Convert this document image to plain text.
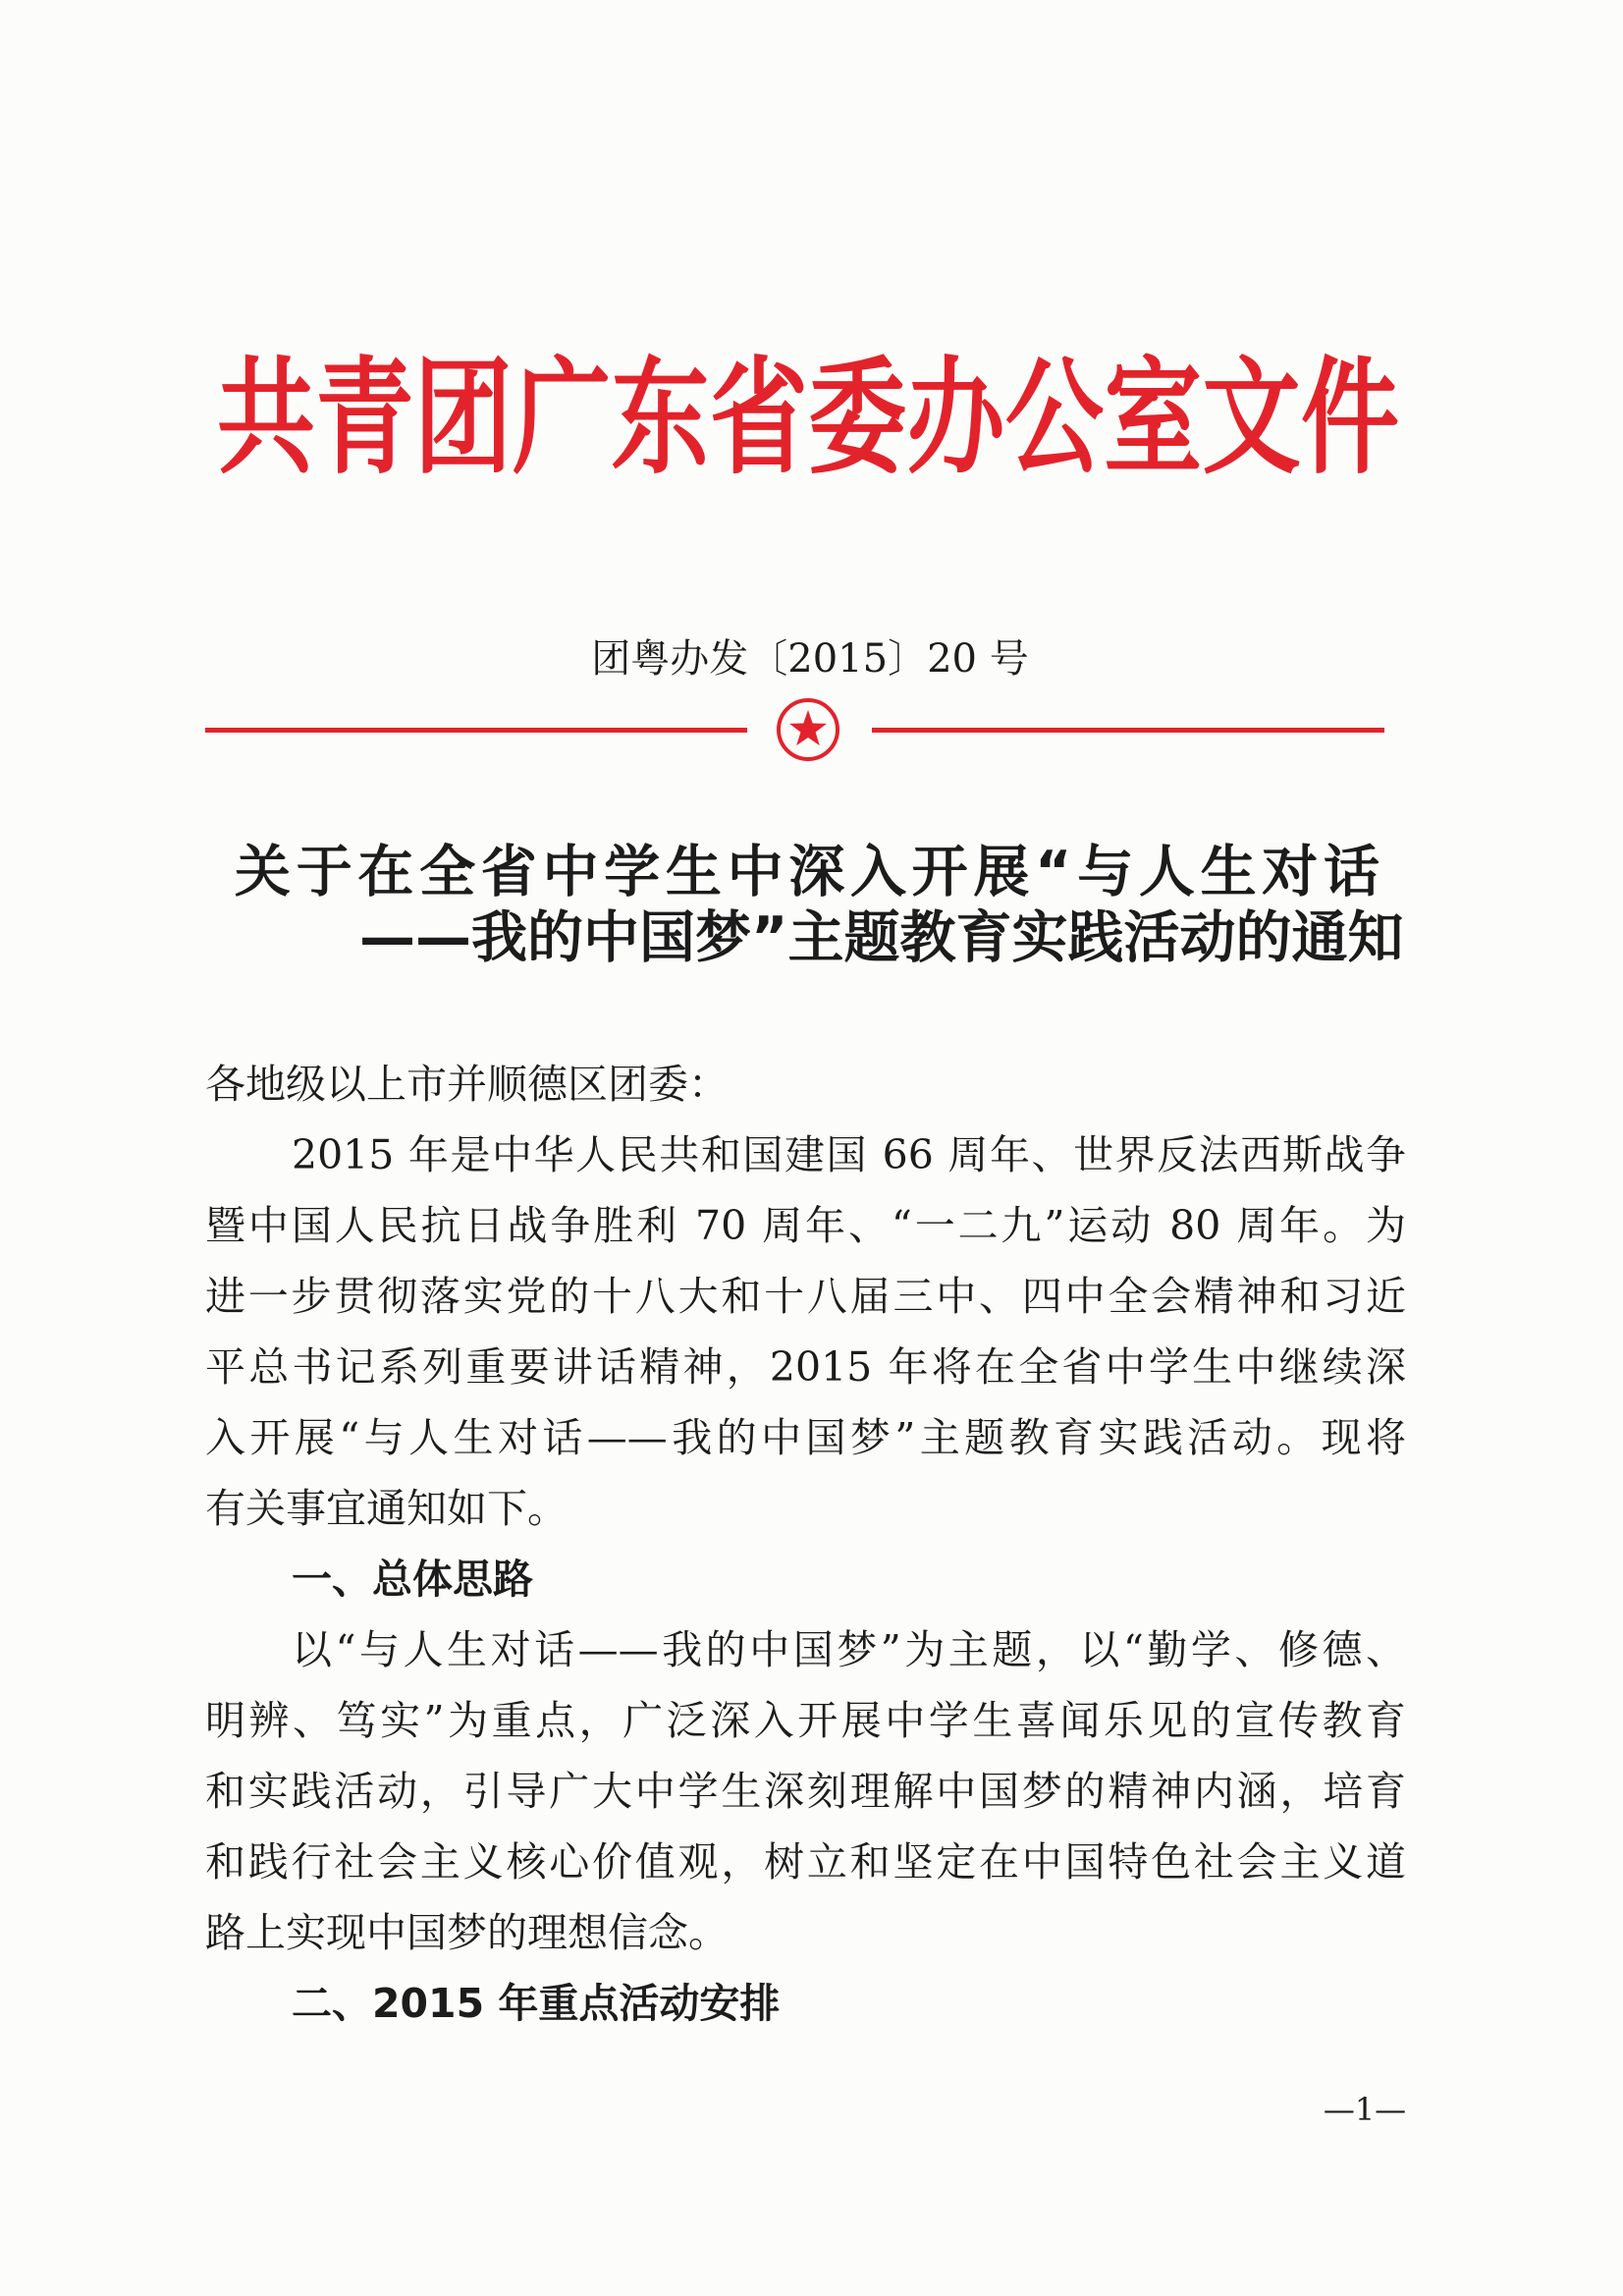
共青团广东省委办公室文件
团粤办发〔2015〕20 号
关于在全省中学生中深入开展“与人生对话
——我的中国梦”主题教育实践活动的通知
各地级以上市并顺德区团委：
2015 年是中华人民共和国建国 66 周年、世界反法西斯战争
暨中国人民抗日战争胜利 70 周年、“一二九”运动 80 周年。为
进一步贯彻落实党的十八大和十八届三中、四中全会精神和习近
平总书记系列重要讲话精神，2015 年将在全省中学生中继续深
入开展“与人生对话——我的中国梦”主题教育实践活动。现将
有关事宜通知如下。
一、总体思路
以“与人生对话——我的中国梦”为主题，以“勤学、修德、
明辨、笃实”为重点，广泛深入开展中学生喜闻乐见的宣传教育
和实践活动，引导广大中学生深刻理解中国梦的精神内涵，培育
和践行社会主义核心价值观，树立和坚定在中国特色社会主义道
路上实现中国梦的理想信念。
二、2015 年重点活动安排
—1—
